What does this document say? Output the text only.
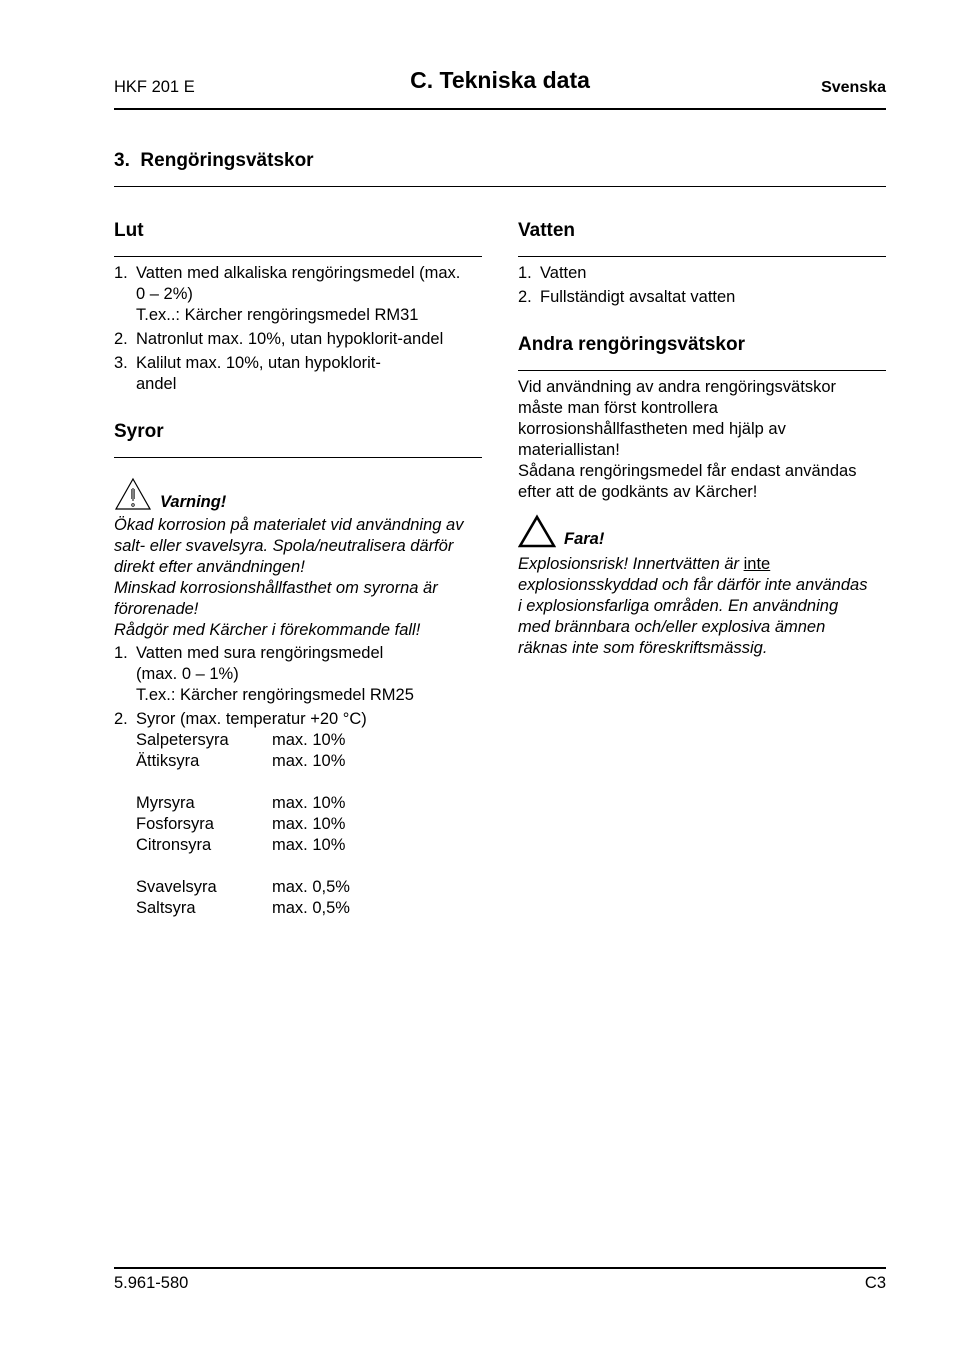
HKF 201 E	C. Tekniska data	Svenska
3. Rengöringsvätskor
Lut
1. Vatten med alkaliska rengöringsmedel (max.
0 – 2%)
T.ex..: Kärcher rengöringsmedel RM31
2. Natronlut max. 10%, utan hypoklorit-andel
3. Kalilut max. 10%, utan hypoklorit-
andel
Syror
Varning!
Ökad korrosion på materialet vid användning av
salt- eller svavelsyra. Spola/neutralisera därför
direkt efter användningen!
Minskad korrosionshållfasthet om syrorna är
förorenade!
Rådgör med Kärcher i förekommande fall!
1. Vatten med sura rengöringsmedel
(max. 0 – 1%)
T.ex.: Kärcher rengöringsmedel RM25
2. Syror (max. temperatur +20 °C)
Salpetersyra	max. 10%
Ättiksyra	max. 10%
Myrsyra	max. 10%
Fosforsyra	max. 10%
Citronsyra	max. 10%
Svavelsyra	max. 0,5%
Saltsyra	max. 0,5%
Vatten
1. Vatten
2. Fullständigt avsaltat vatten
Andra rengöringsvätskor
Vid användning av andra rengöringsvätskor
måste man först kontrollera
korrosionshållfastheten med hjälp av
materiallistan!
Sådana rengöringsmedel får endast användas
efter att de godkänts av Kärcher!
Fara!
Explosionsrisk! Innertvätten är inte
explosionsskyddad och får därför inte användas
i explosionsfarliga områden. En användning
med brännbara och/eller explosiva ämnen
räknas inte som föreskriftsmässig.
5.961-580	C3
